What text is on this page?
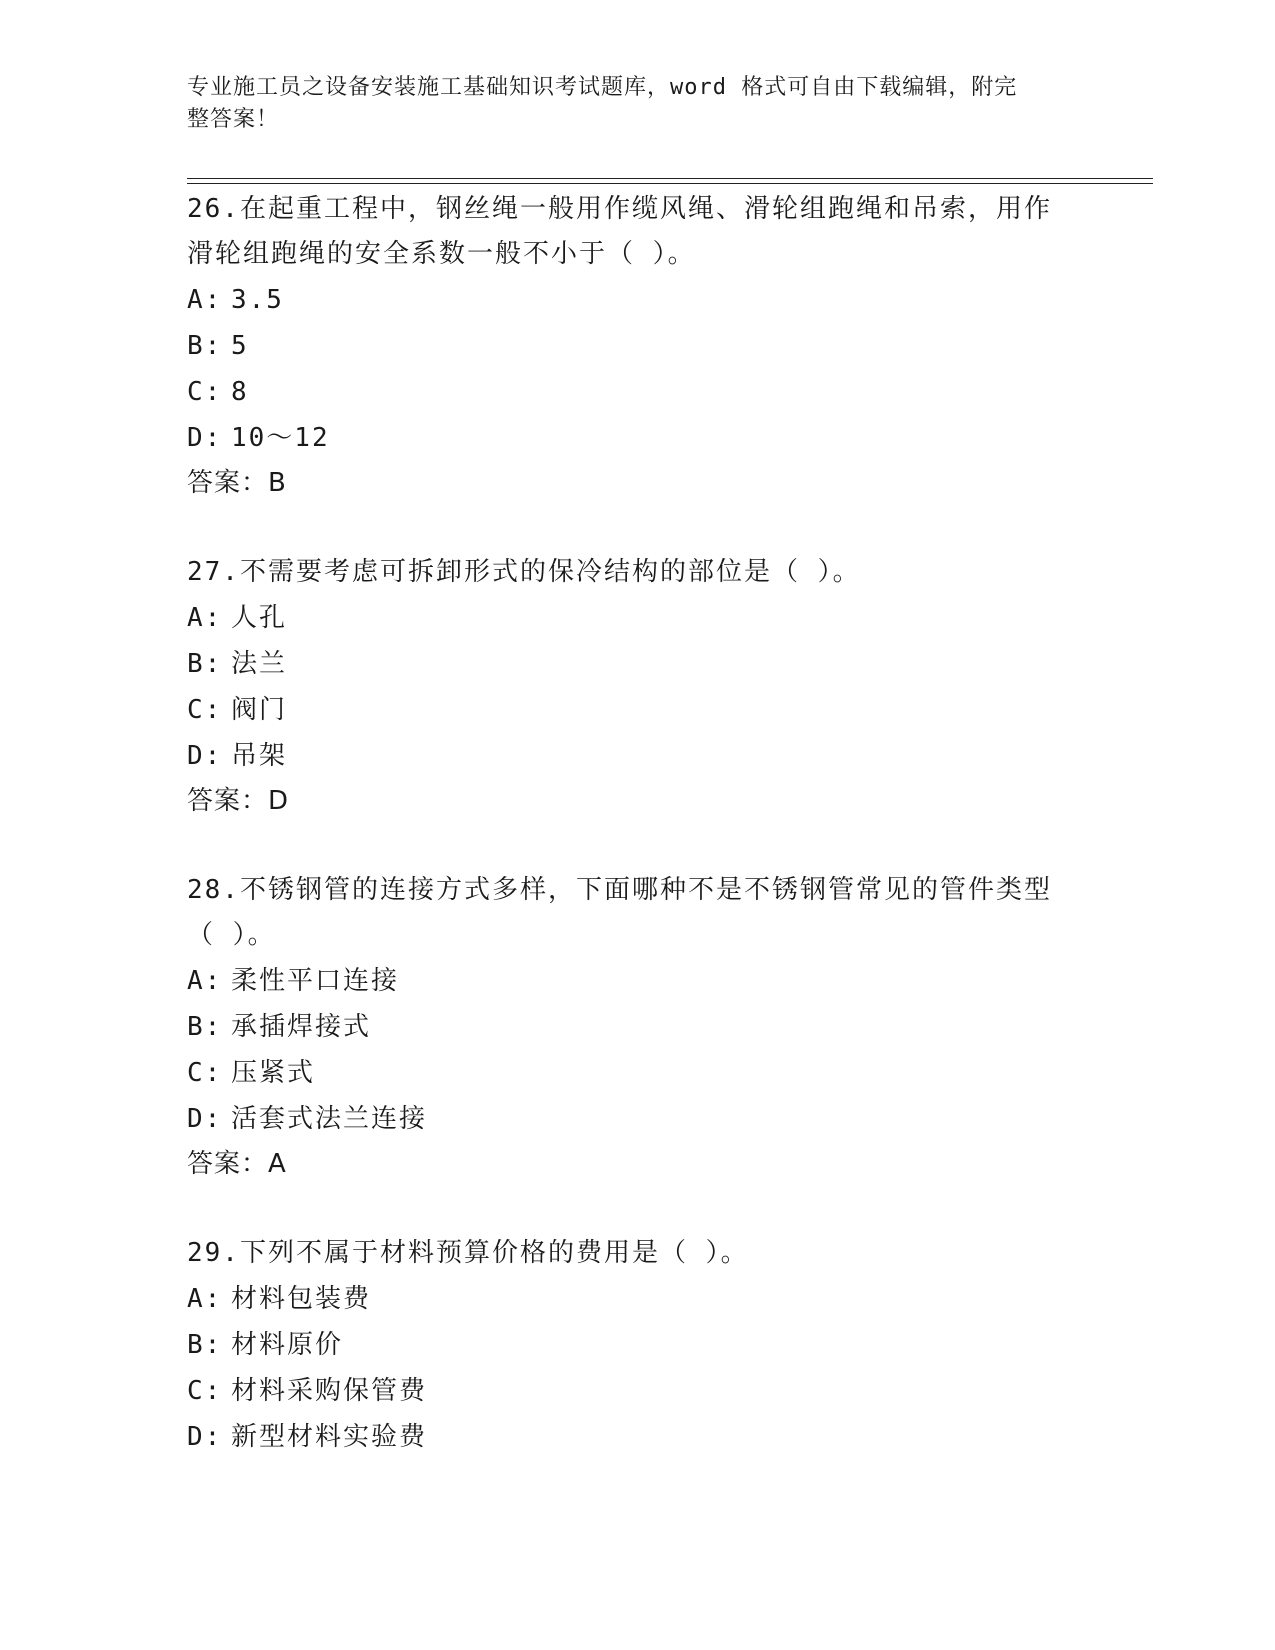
专业施工员之设备安装施工基础知识考试题库，word 格式可自由下载编辑，附完
整答案！
26.在起重工程中，钢丝绳一般用作缆风绳、滑轮组跑绳和吊索，用作
滑轮组跑绳的安全系数一般不小于（ ）。
A: 3.5
B: 5
C: 8
D: 10～12
答案：B
27.不需要考虑可拆卸形式的保冷结构的部位是（ ）。
A: 人孔
B: 法兰
C: 阀门
D: 吊架
答案：D
28.不锈钢管的连接方式多样，下面哪种不是不锈钢管常见的管件类型
（ ）。
A: 柔性平口连接
B: 承插焊接式
C: 压紧式
D: 活套式法兰连接
答案：A
29.下列不属于材料预算价格的费用是（ ）。
A: 材料包装费
B: 材料原价
C: 材料采购保管费
D: 新型材料实验费
